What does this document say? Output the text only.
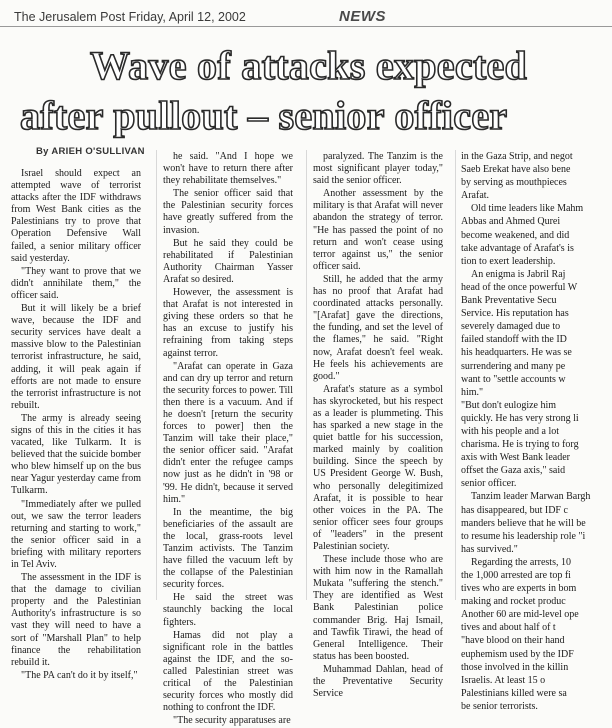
The Jerusalem Post Friday, April 12, 2002	NEWS
Wave of attacks expected
after pullout – senior officer
By ARIEH O'SULLIVAN

Israel should expect an attempted wave of terrorist attacks after the IDF withdraws from West Bank cities as the Palestinians try to prove that Operation Defensive Wall failed, a senior military officer said yesterday.

"They want to prove that we didn't annihilate them," the officer said.

But it will likely be a brief wave, because the IDF and security services have dealt a massive blow to the Palestinian terrorist infrastructure, he said, adding, it will peak again if efforts are not made to ensure the terrorist infrastructure is not rebuilt.

The army is already seeing signs of this in the cities it has vacated, like Tulkarm. It is believed that the suicide bomber who blew himself up on the bus near Yagur yesterday came from Tulkarm.

"Immediately after we pulled out, we saw the terror leaders returning and starting to work," the senior officer said in a briefing with military reporters in Tel Aviv.

The assessment in the IDF is that the damage to civilian property and the Palestinian Authority's infrastructure is so vast they will need to have a sort of "Marshall Plan" to help finance the rehabilitation rebuild it.

"The PA can't do it by itself,"

he said. "And I hope we won't have to return there after they rehabilitate themselves."

The senior officer said that the Palestinian security forces have greatly suffered from the invasion.

But he said they could be rehabilitated if Palestinian Authority Chairman Yasser Arafat so desired.

However, the assessment is that Arafat is not interested in giving these orders so that he has an excuse to justify his refraining from taking steps against terror.

"Arafat can operate in Gaza and can dry up terror and return the security forces to power. Till then there is a vacuum. And if he doesn't [return the security forces to power] then the Tanzim will take their place," the senior officer said. "Arafat didn't enter the refugee camps now just as he didn't in '98 or '99. He didn't, because it served him."

In the meantime, the big beneficiaries of the assault are the local, grass-roots level Tanzim activists. The Tanzim have filled the vacuum left by the collapse of the Palestinian security forces.

He said the street was staunchly backing the local fighters.

Hamas did not play a significant role in the battles against the IDF, and the so-called Palestinian street was critical of the Palestinian security forces who mostly did nothing to confront the IDF.

"The security apparatuses are

paralyzed. The Tanzim is the most significant player today," said the senior officer.

Another assessment by the military is that Arafat will never abandon the strategy of terror. "He has passed the point of no return and won't cease using terror against us," the senior officer said.

Still, he added that the army has no proof that Arafat had coordinated attacks personally. "[Arafat] gave the directions, the funding, and set the level of the flames," he said. "Right now, Arafat doesn't feel weak. He feels his achievements are good."

Arafat's stature as a symbol has skyrocketed, but his respect as a leader is plummeting. This has sparked a new stage in the quiet battle for his succession, marked mainly by coalition building. Since the speech by US President George W. Bush, who personally delegitimized Arafat, it is possible to hear other voices in the PA. The senior officer sees four groups of "leaders" in the present Palestinian society.

These include those who are with him now in the Ramallah Mukata "suffering the stench." They are identified as West Bank Palestinian police commander Brig. Haj Ismail, and Tawfik Tirawi, the head of General Intelligence. Their status has been boosted.

Muhammad Dahlan, head of the Preventative Security Service

in the Gaza Strip, and negot

Saeb Erekat have also bene

by serving as mouthpieces

Arafat.

Old time leaders like Mahm

Abbas and Ahmed Qurei

become weakened, and did

take advantage of Arafat's is

tion to exert leadership.

An enigma is Jabril Raj

head of the once powerful W

Bank Preventative Secu

Service. His reputation has

severely damaged due to

failed standoff with the ID

his headquarters. He was se

surrendering and many pe

want to "settle accounts w

him."

"But don't eulogize him

quickly. He has very strong li

with his people and a lot

charisma. He is trying to forg

axis with West Bank leader

offset the Gaza axis," said

senior officer.

Tanzim leader Marwan Bargh

has disappeared, but IDF c

manders believe that he will be

to resume his leadership role "i

has survived."

Regarding the arrests, 10

the 1,000 arrested are top fi

tives who are experts in bom

making and rocket produc

Another 60 are mid-level ope

tives and about half of t

"have blood on their hand

euphemism used by the IDF

those involved in the killin

Israelis. At least 15 o

Palestinians killed were sa

be senior terrorists.
